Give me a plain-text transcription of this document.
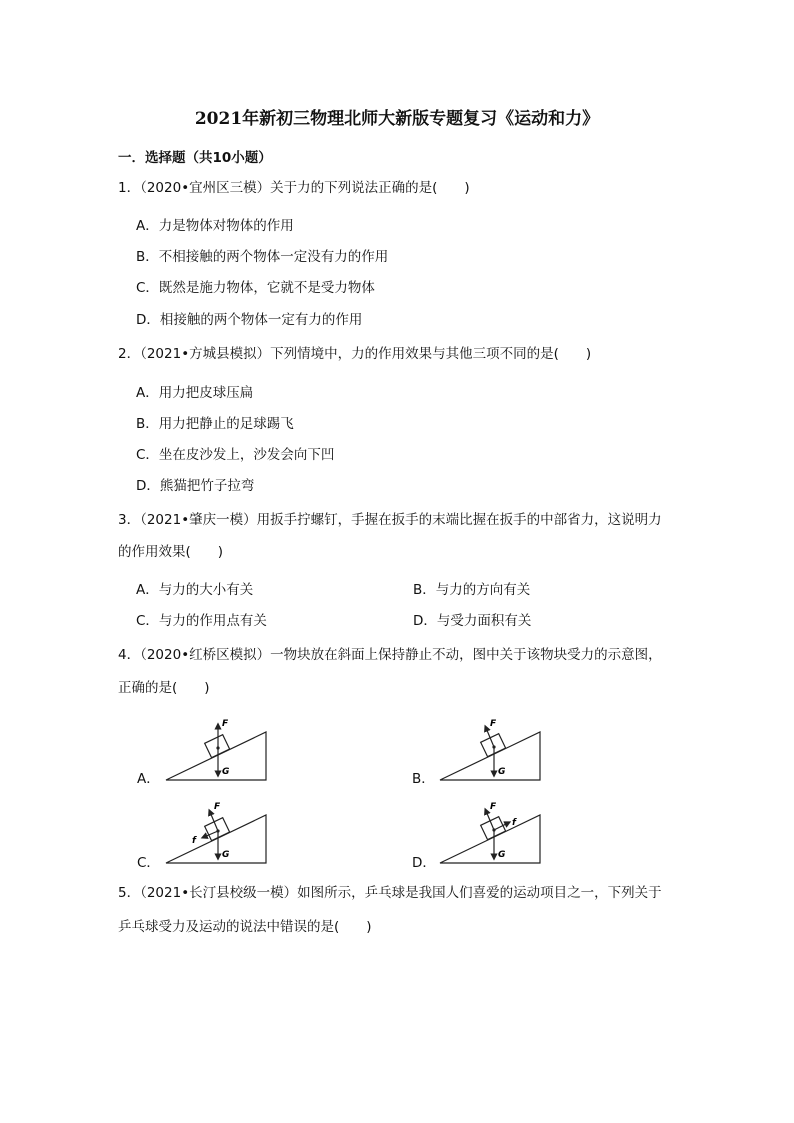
2021年新初三物理北师大新版专题复习《运动和力》
一．选择题（共10小题）
1．（2020•宜州区三模）关于力的下列说法正确的是(　　)
A．力是物体对物体的作用
B．不相接触的两个物体一定没有力的作用
C．既然是施力物体，它就不是受力物体
D．相接触的两个物体一定有力的作用
2．（2021•方城县模拟）下列情境中，力的作用效果与其他三项不同的是(　　)
A．用力把皮球压扁
B．用力把静止的足球踢飞
C．坐在皮沙发上，沙发会向下凹
D．熊猫把竹子拉弯
3．（2021•肇庆一模）用扳手拧螺钉，手握在扳手的末端比握在扳手的中部省力，这说明力
的作用效果(　　)
A．与力的大小有关	B．与力的方向有关
C．与力的作用点有关	D．与受力面积有关
4．（2020•红桥区模拟）一物块放在斜面上保持静止不动，图中关于该物块受力的示意图，
正确的是(　　)
A．
F
G	B．
F
G
C．
F
G
f
D．
F
G
f
5．（2021•长汀县校级一模）如图所示，乒乓球是我国人们喜爱的运动项目之一，下列关于
乒乓球受力及运动的说法中错误的是(　　)
